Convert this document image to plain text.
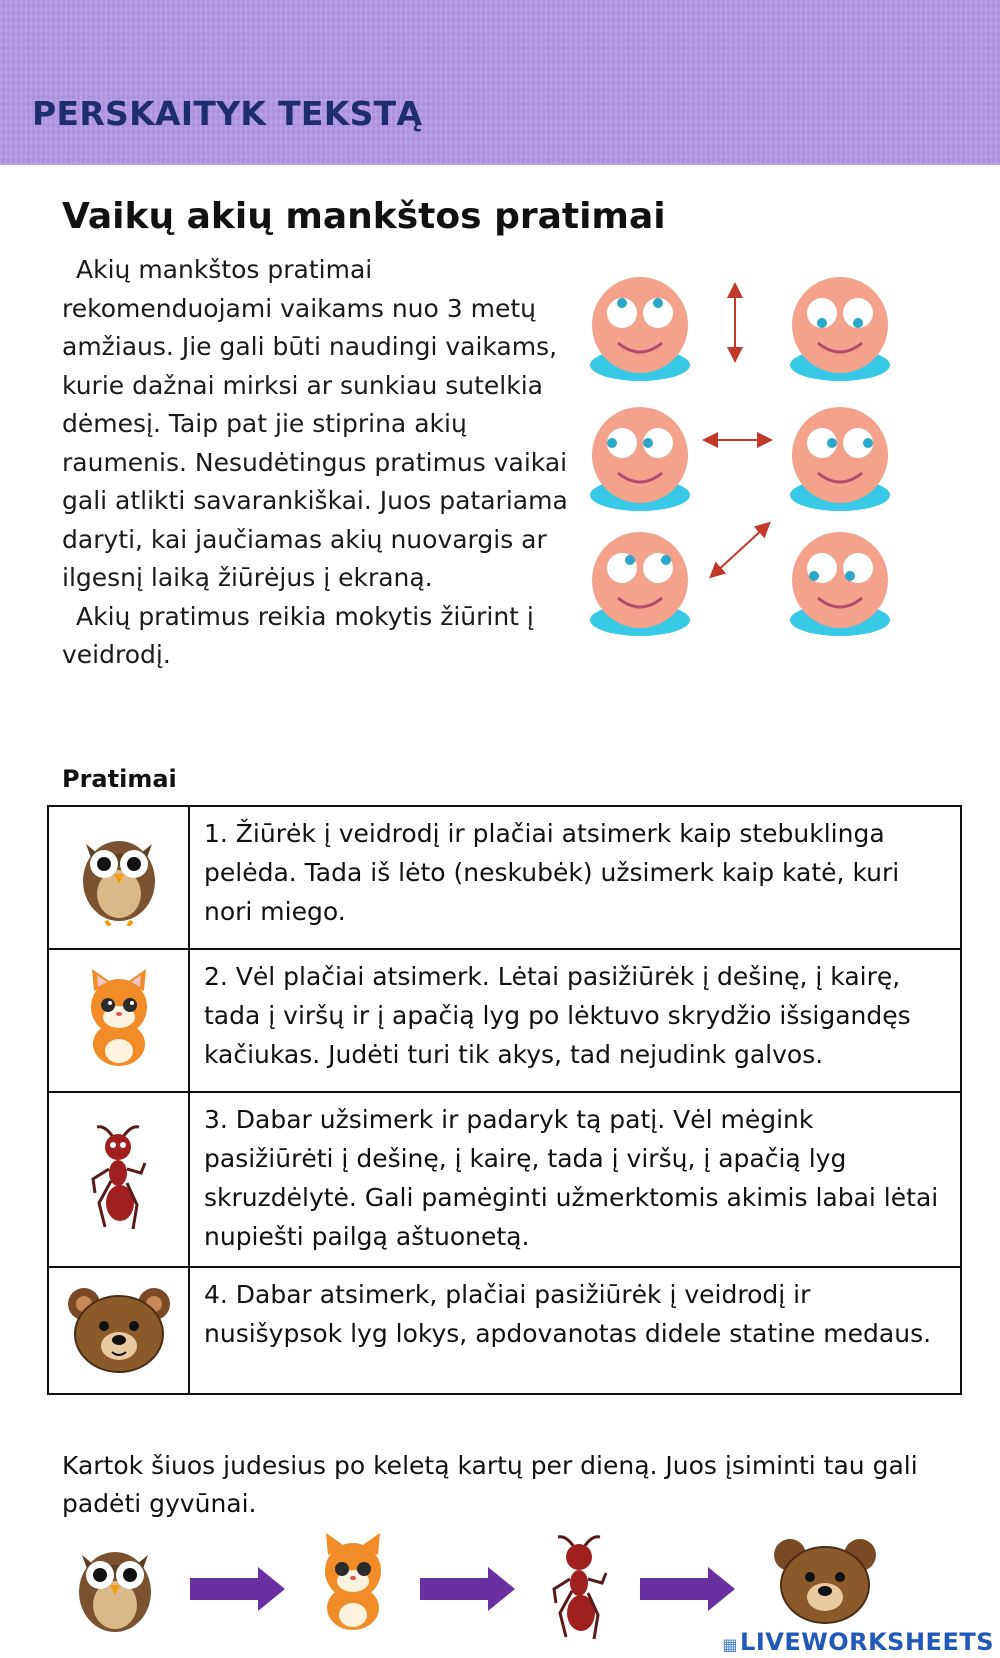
PERSKAITYK TEKSTĄ
Vaikų akių mankštos pratimai

Akių mankštos pratimai rekomenduojami vaikams nuo 3 metų amžiaus. Jie gali būti naudingi vaikams, kurie dažnai mirksi ar sunkiau sutelkia dėmesį. Taip pat jie stiprina akių raumenis. Nesudėtingus pratimus vaikai gali atlikti savarankiškai. Juos patariama daryti, kai jaučiamas akių nuovargis ar ilgesnį laiką žiūrėjus į ekraną.

Akių pratimus reikia mokytis žiūrint į veidrodį.

Pratimai
	1. Žiūrėk į veidrodį ir plačiai atsimerk kaip stebuklinga pelėda. Tada iš lėto (neskubėk) užsimerk kaip katė, kuri nori miego.
	2. Vėl plačiai atsimerk. Lėtai pasižiūrėk į dešinę, į kairę, tada į viršų ir į apačią lyg po lėktuvo skrydžio išsigandęs kačiukas. Judėti turi tik akys, tad nejudink galvos.
	3. Dabar užsimerk ir padaryk tą patį. Vėl mėgink pasižiūrėti į dešinę, į kairę, tada į viršų, į apačią lyg skruzdėlytė. Gali pamėginti užmerktomis akimis labai lėtai nupiešti pailgą aštuonetą.
	4. Dabar atsimerk, plačiai pasižiūrėk į veidrodį ir nusišypsok lyg lokys, apdovanotas didele statine medaus.
Kartok šiuos judesius po keletą kartų per dieną. Juos įsiminti tau gali padėti gyvūnai.
▦LIVEWORKSHEETS
